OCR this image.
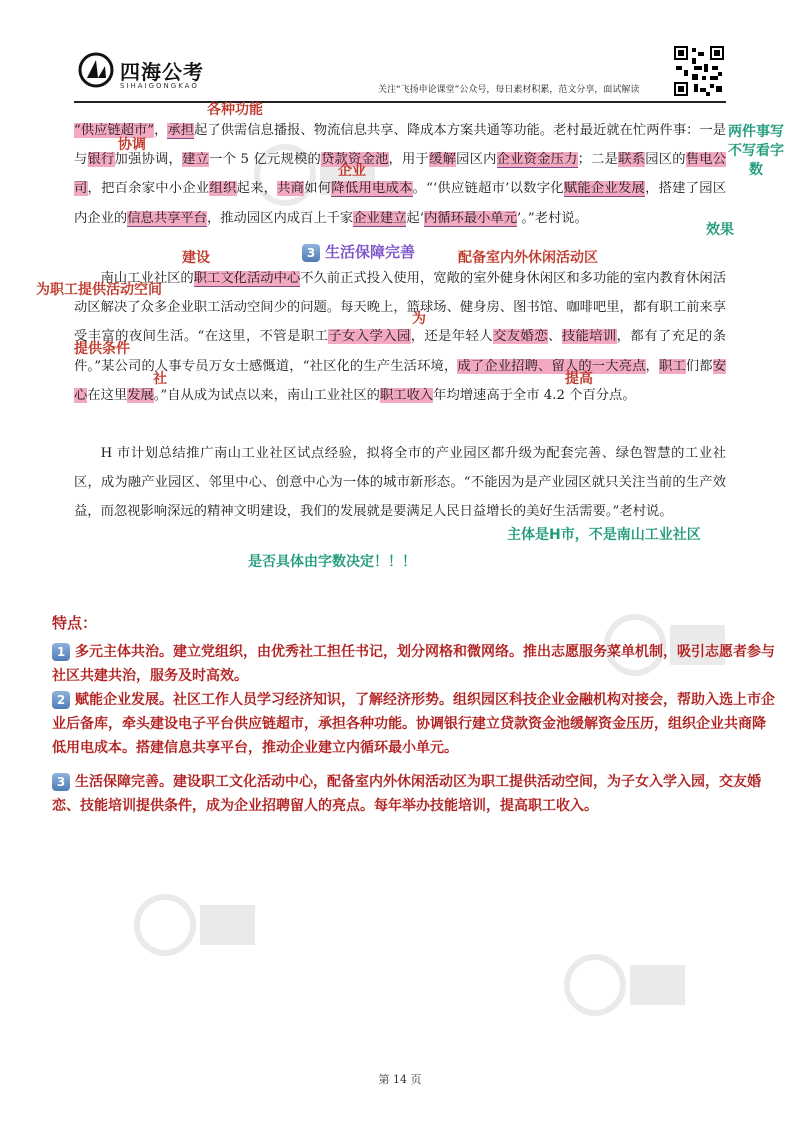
四海公考
SIHAIGONGKAO	关注“飞扬申论课堂”公众号，每日素材积累，范文分享，面试解读
“供应链超市”，承担起了供需信息播报、物流信息共享、降成本方案共通等功能。老村最近就在忙两件事：一是与银行加强协调，建立一个 5 亿元规模的贷款资金池，用于缓解园区内企业资金压力；二是联系园区的售电公司，把百余家中小企业组织起来，共商如何降低用电成本。“‘供应链超市’以数字化赋能企业发展，搭建了园区内企业的信息共享平台，推动园区内成百上千家企业建立起‘内循环最小单元’。”老村说。
3 生活保障完善
南山工业社区的职工文化活动中心不久前正式投入使用，宽敞的室外健身休闲区和多功能的室内教育休闲活动区解决了众多企业职工活动空间少的问题。每天晚上，篮球场、健身房、图书馆、咖啡吧里，都有职工前来享受丰富的夜间生活。“在这里，不管是职工子女入学入园，还是年轻人交友婚恋、技能培训，都有了充足的条件。”某公司的人事专员万女士感慨道，“社区化的生产生活环境，成了企业招聘、留人的一大亮点，职工们都安心在这里发展。”自从成为试点以来，南山工业社区的职工收入年均增速高于全市 4.2 个百分点。
H 市计划总结推广南山工业社区试点经验，拟将全市的产业园区都升级为配套完善、绿色智慧的工业社区，成为融产业园区、邻里中心、创意中心为一体的城市新形态。“不能因为是产业园区就只关注当前的生产效益，而忽视影响深远的精神文明建设，我们的发展就是要满足人民日益增长的美好生活需要。”老村说。
各种功能
两件事写不写看字数
协调
企业
效果
建设	配备室内外休闲活动区
为职工提供活动空间
为
提供条件
社	提高
主体是H市，不是南山工业社区
是否具体由字数决定！！！
特点：
1 多元主体共治。建立党组织，由优秀社工担任书记，划分网格和微网络。推出志愿服务菜单机制，吸引志愿者参与社区共建共治，服务及时高效。
2 赋能企业发展。社区工作人员学习经济知识，了解经济形势。组织园区科技企业金融机构对接会，帮助入选上市企业后备库，牵头建设电子平台供应链超市，承担各种功能。协调银行建立贷款资金池缓解资金压历，组织企业共商降低用电成本。搭建信息共享平台，推动企业建立内循环最小单元。
3 生活保障完善。建设职工文化活动中心，配备室内外休闲活动区为职工提供活动空间，为子女入学入园，交友婚恋、技能培训提供条件，成为企业招聘留人的亮点。每年举办技能培训，提高职工收入。
第 14 页
